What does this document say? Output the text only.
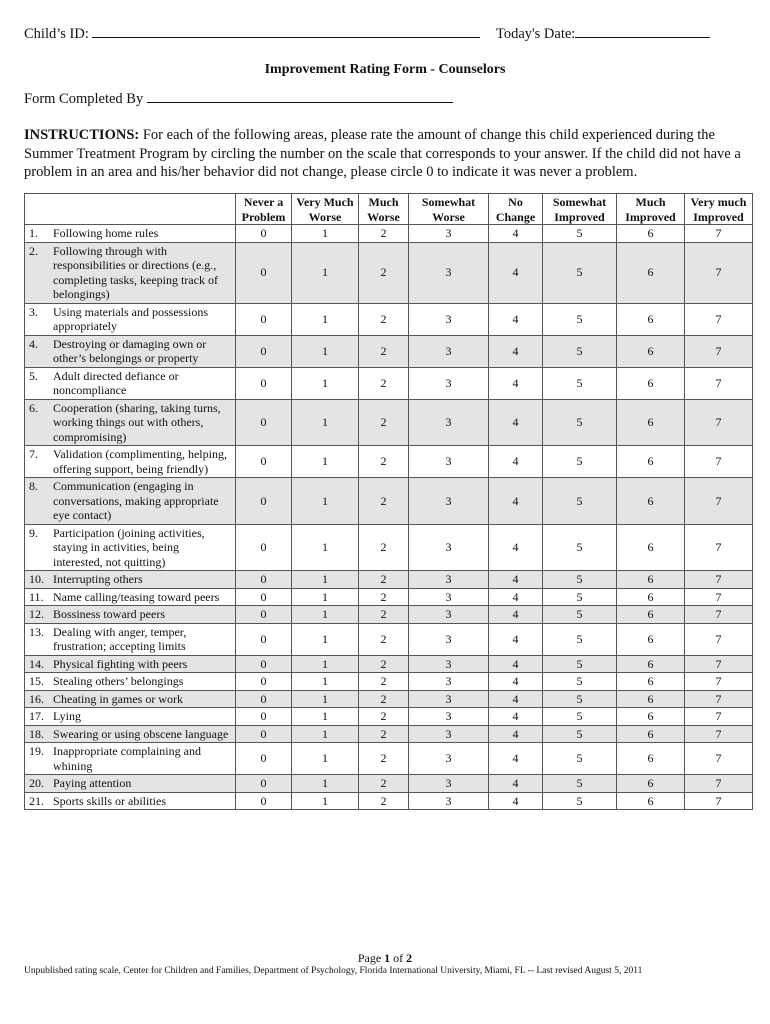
Child’s ID:	Today's Date:
Improvement Rating Form - Counselors
Form Completed By
INSTRUCTIONS: For each of the following areas, please rate the amount of change this child experienced during the Summer Treatment Program by circling the number on the scale that corresponds to your answer. If the child did not have a problem in an area and his/her behavior did not change, please circle 0 to indicate it was never a problem.
	Never a Problem	Very Much Worse	Much Worse	Somewhat Worse	No Change	Somewhat Improved	Much Improved	Very much Improved

1. Following home rules	0	1	2	3	4	5	6	7

2. Following through with responsibilities or directions (e.g., completing tasks, keeping track of belongings)	0	1	2	3	4	5	6	7

3. Using materials and possessions appropriately	0	1	2	3	4	5	6	7

4. Destroying or damaging own or other’s belongings or property	0	1	2	3	4	5	6	7

5. Adult directed defiance or noncompliance	0	1	2	3	4	5	6	7

6. Cooperation (sharing, taking turns, working things out with others, compromising)	0	1	2	3	4	5	6	7

7. Validation (complimenting, helping, offering support, being friendly)	0	1	2	3	4	5	6	7

8. Communication (engaging in conversations, making appropriate eye contact)	0	1	2	3	4	5	6	7

9. Participation (joining activities, staying in activities, being interested, not quitting)	0	1	2	3	4	5	6	7

10. Interrupting others	0	1	2	3	4	5	6	7

11. Name calling/teasing toward peers	0	1	2	3	4	5	6	7

12. Bossiness toward peers	0	1	2	3	4	5	6	7

13. Dealing with anger, temper, frustration; accepting limits	0	1	2	3	4	5	6	7

14. Physical fighting with peers	0	1	2	3	4	5	6	7

15. Stealing others’ belongings	0	1	2	3	4	5	6	7

16. Cheating in games or work	0	1	2	3	4	5	6	7

17. Lying	0	1	2	3	4	5	6	7

18. Swearing or using obscene language	0	1	2	3	4	5	6	7

19. Inappropriate complaining and whining	0	1	2	3	4	5	6	7

20. Paying attention	0	1	2	3	4	5	6	7

21. Sports skills or abilities	0	1	2	3	4	5	6	7
Page 1 of 2
Unpublished rating scale, Center for Children and Families, Department of Psychology, Florida International University, Miami, FL -- Last revised August 5, 2011
